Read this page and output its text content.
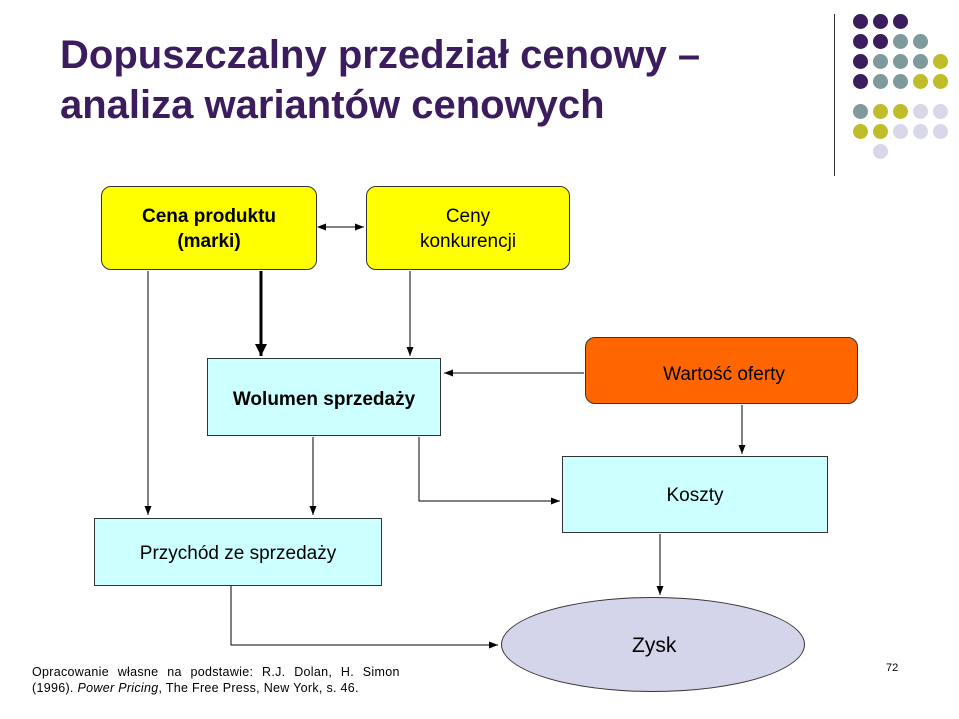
Dopuszczalny przedział cenowy –
analiza wariantów cenowych
Cena produktu
(marki)
Ceny
konkurencji
Wolumen sprzedaży
Wartość oferty
Koszty
Przychód ze sprzedaży
Zysk
Opracowanie własne na podstawie: R.J. Dolan, H. Simon
(1996). Power Pricing, The Free Press, New York, s. 46.
72
